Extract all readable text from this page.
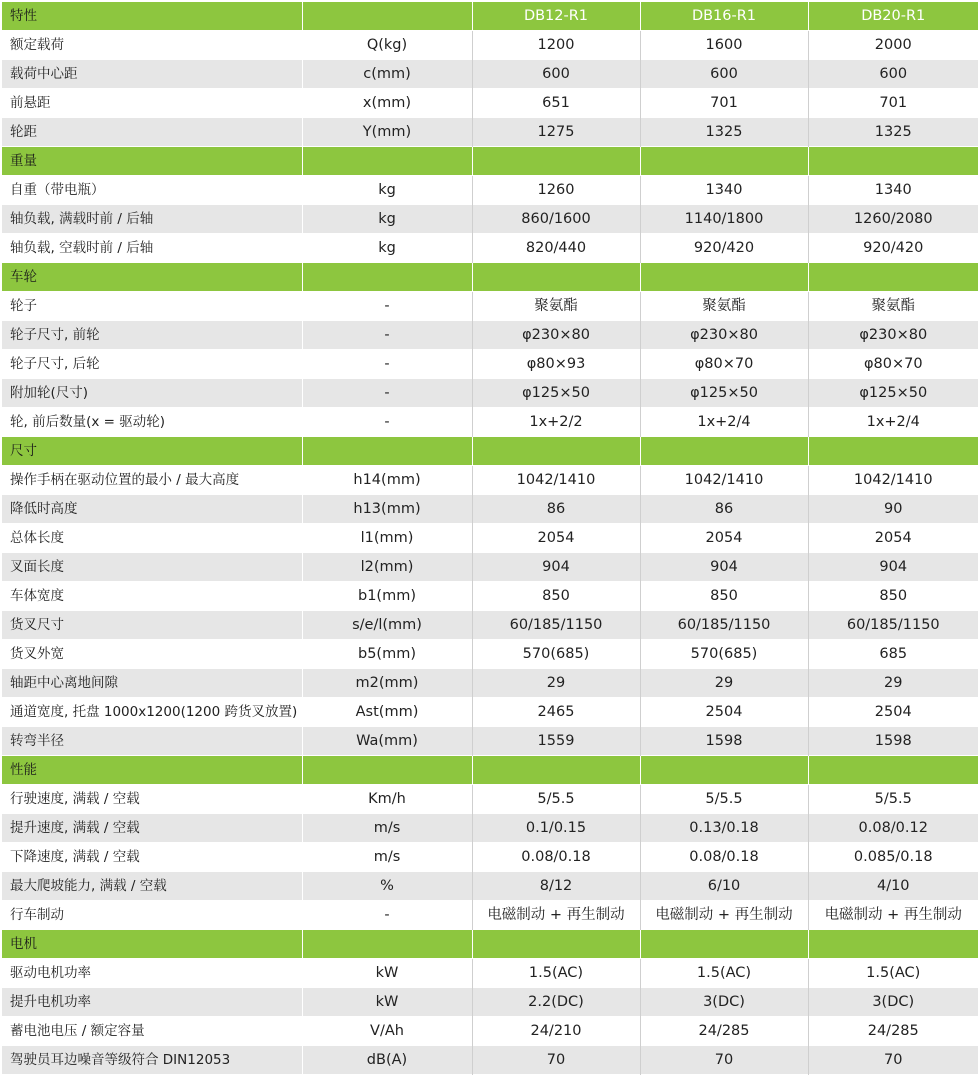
特性		DB12-R1	DB16-R1	DB20-R1
额定载荷	Q(kg)	1200	1600	2000
载荷中心距	c(mm)	600	600	600
前悬距	x(mm)	651	701	701
轮距	Y(mm)	1275	1325	1325
重量				
自重（带电瓶）	kg	1260	1340	1340
轴负载, 满载时前 / 后轴	kg	860/1600	1140/1800	1260/2080
轴负载, 空载时前 / 后轴	kg	820/440	920/420	920/420
车轮				
轮子	-	聚氨酯	聚氨酯	聚氨酯
轮子尺寸, 前轮	-	φ230×80	φ230×80	φ230×80
轮子尺寸, 后轮	-	φ80×93	φ80×70	φ80×70
附加轮(尺寸)	-	φ125×50	φ125×50	φ125×50
轮, 前后数量(x = 驱动轮)	-	1x+2/2	1x+2/4	1x+2/4
尺寸				
操作手柄在驱动位置的最小 / 最大高度	h14(mm)	1042/1410	1042/1410	1042/1410
降低时高度	h13(mm)	86	86	90
总体长度	l1(mm)	2054	2054	2054
叉面长度	l2(mm)	904	904	904
车体宽度	b1(mm)	850	850	850
货叉尺寸	s/e/l(mm)	60/185/1150	60/185/1150	60/185/1150
货叉外宽	b5(mm)	570(685)	570(685)	685
轴距中心离地间隙	m2(mm)	29	29	29
通道宽度, 托盘 1000x1200(1200 跨货叉放置)	Ast(mm)	2465	2504	2504
转弯半径	Wa(mm)	1559	1598	1598
性能				
行驶速度, 满载 / 空载	Km/h	5/5.5	5/5.5	5/5.5
提升速度, 满载 / 空载	m/s	0.1/0.15	0.13/0.18	0.08/0.12
下降速度, 满载 / 空载	m/s	0.08/0.18	0.08/0.18	0.085/0.18
最大爬坡能力, 满载 / 空载	%	8/12	6/10	4/10
行车制动	-	电磁制动 + 再生制动	电磁制动 + 再生制动	电磁制动 + 再生制动
电机				
驱动电机功率	kW	1.5(AC)	1.5(AC)	1.5(AC)
提升电机功率	kW	2.2(DC)	3(DC)	3(DC)
蓄电池电压 / 额定容量	V/Ah	24/210	24/285	24/285
驾驶员耳边噪音等级符合 DIN12053	dB(A)	70	70	70
